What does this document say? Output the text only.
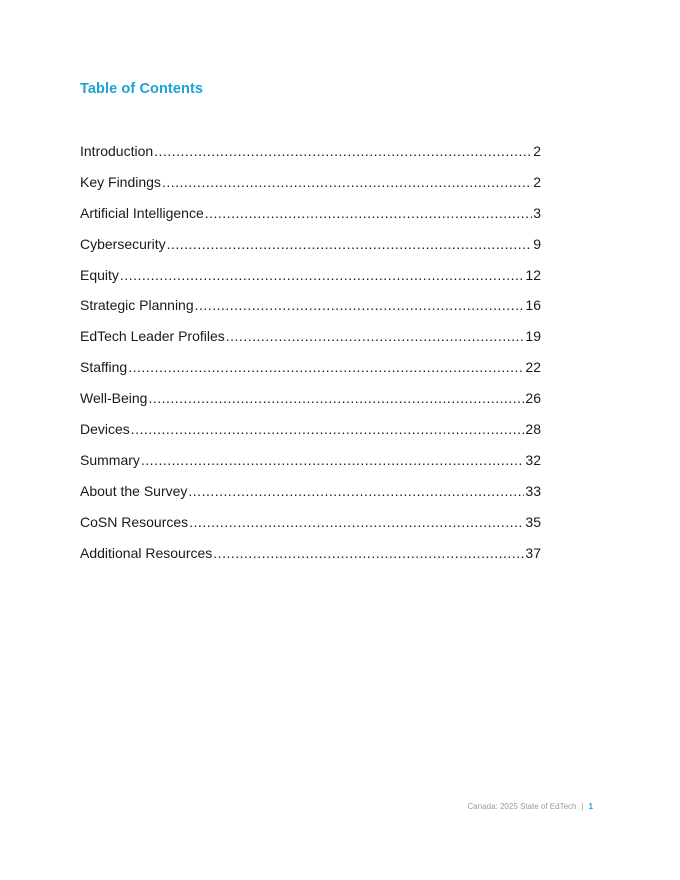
Table of Contents
Introduction .....	2
Key Findings .....	2
Artificial Intelligence .....	3
Cybersecurity .....	9
Equity .....	12
Strategic Planning .....	16
EdTech Leader Profiles .....	19
Staffing .....	22
Well-Being .....	26
Devices .....	28
Summary .....	32
About the Survey .....	33
CoSN Resources .....	35
Additional Resources .....	37
Canada: 2025 State of EdTech | 1
